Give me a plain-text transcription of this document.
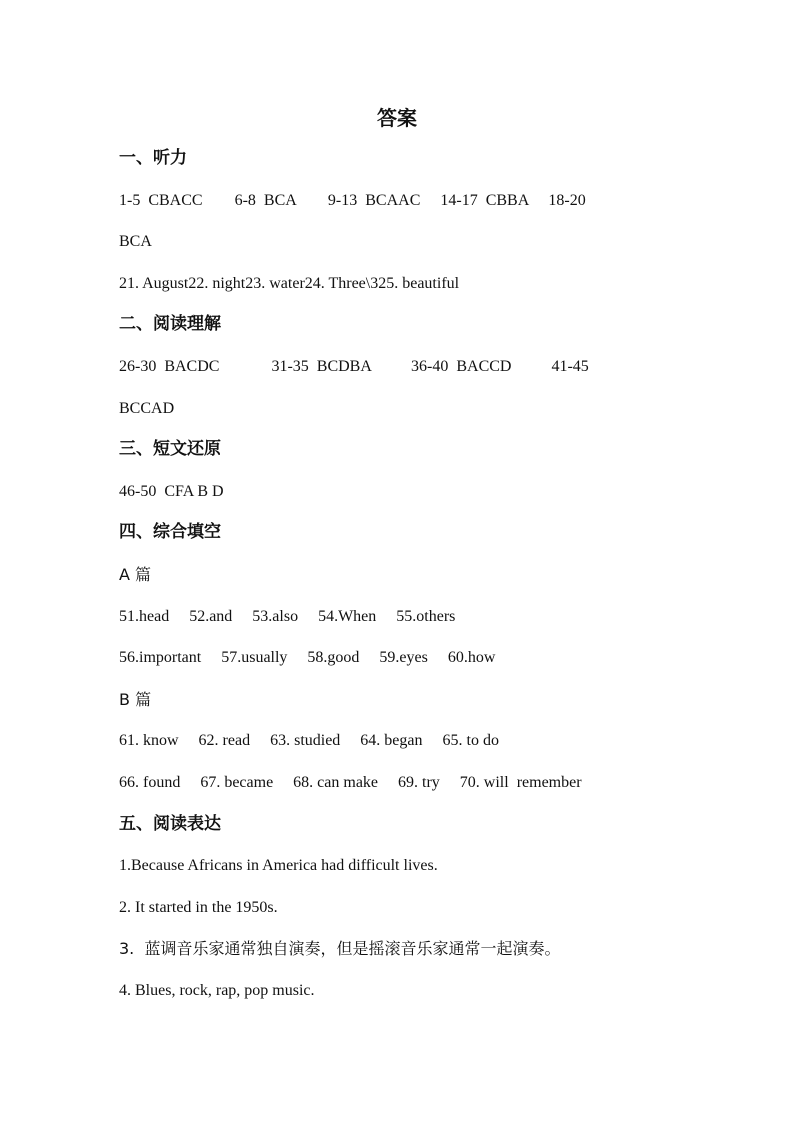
答案
一、听力
1-5  CBACC        6-8  BCA        9-13  BCAAC     14-17  CBBA     18-20
BCA
21. August22. night23. water24. Three\325. beautiful
二、阅读理解
26-30  BACDC             31-35  BCDBA          36-40  BACCD          41-45
BCCAD
三、短文还原
46-50  CFA B D
四、综合填空
A 篇
51.head     52.and     53.also     54.When     55.others
56.important     57.usually     58.good     59.eyes     60.how
B 篇
61. know     62. read     63. studied     64. began     65. to do
66. found     67. became     68. can make     69. try     70. will  remember
五、阅读表达
1.Because Africans in America had difficult lives.
2. It started in the 1950s.
3.  蓝调音乐家通常独自演奏，但是摇滚音乐家通常一起演奏。
4. Blues, rock, rap, pop music.
